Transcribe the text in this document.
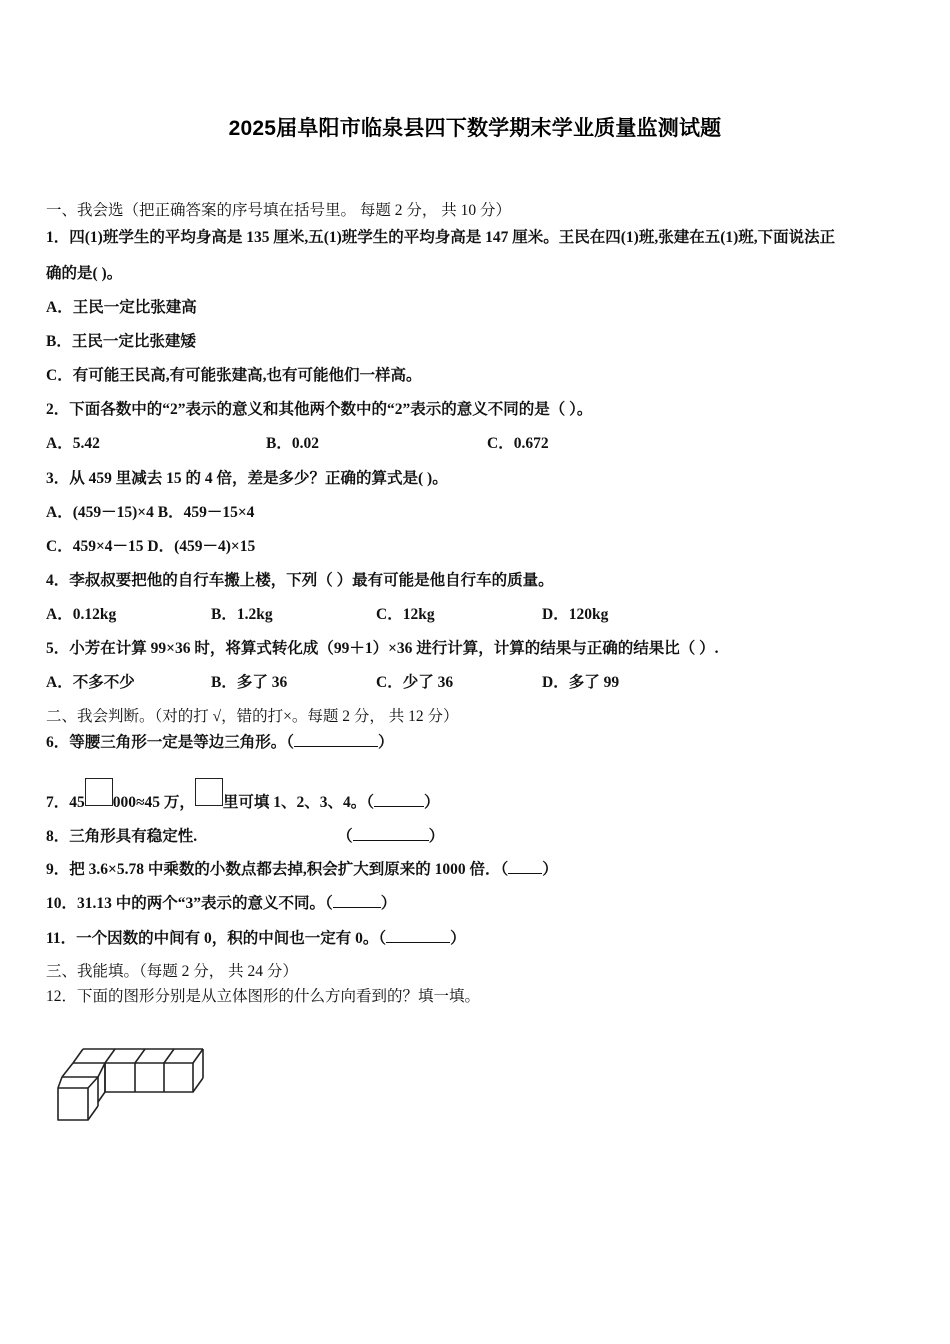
2025届阜阳市临泉县四下数学期末学业质量监测试题
一、我会选（把正确答案的序号填在括号里。 每题 2 分， 共 10 分）
1．四(1)班学生的平均身高是 135 厘米,五(1)班学生的平均身高是 147 厘米。王民在四(1)班,张建在五(1)班,下面说法正
确的是( )。
A．王民一定比张建高
B．王民一定比张建矮
C．有可能王民高,有可能张建高,也有可能他们一样高。
2．下面各数中的“2”表示的意义和其他两个数中的“2”表示的意义不同的是（ ）。
A．5.42	B．0.02	C．0.672
3．从 459 里减去 15 的 4 倍，差是多少？正确的算式是( )。
A．(459－15)×4 B．459－15×4
C．459×4－15 D．(459－4)×15
4．李叔叔要把他的自行车搬上楼，下列（ ）最有可能是他自行车的质量。
A．0.12kg	B．1.2kg	C．12kg	D．120kg
5．小芳在计算 99×36 时，将算式转化成（99＋1）×36 进行计算，计算的结果与正确的结果比（ ）.
A．不多不少	B．多了 36	C．少了 36	D．多了 99
二、我会判断。（对的打 √，错的打×。每题 2 分， 共 12 分）
6．等腰三角形一定是等边三角形。（	）
7．45 000≈45 万， 里可填 1、2、3、4。（	）
8．三角形具有稳定性.	（	）
9．把 3.6×5.78 中乘数的小数点都去掉,积会扩大到原来的 1000 倍．（ ）
10．31.13 中的两个“3”表示的意义不同。（	）
11．一个因数的中间有 0，积的中间也一定有 0。（	）
三、我能填。（每题 2 分， 共 24 分）
12．下面的图形分别是从立体图形的什么方向看到的？填一填。
